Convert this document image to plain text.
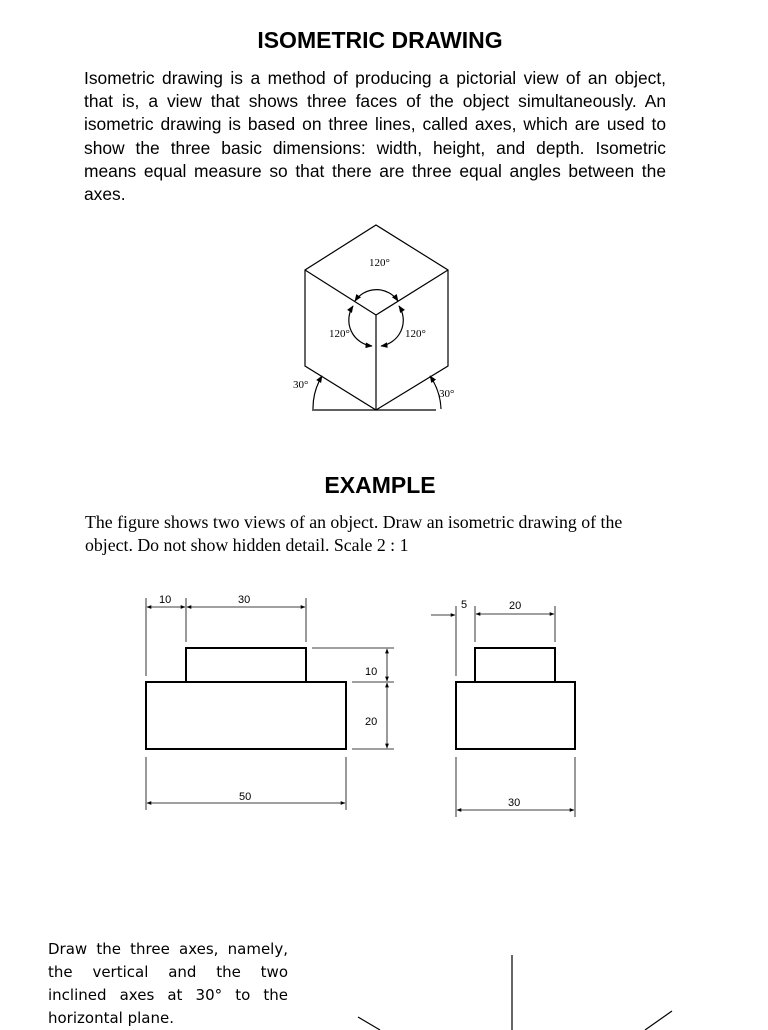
ISOMETRIC DRAWING

Isometric drawing is a method of producing a pictorial view of an object, that is, a view that shows three faces of the object simultaneously. An isometric drawing is based on three lines, called axes, which are used to show the three basic dimensions: width, height, and depth. Isometric means equal measure so that there are three equal angles between the axes.

120°
120°	120°
30°
30°
10	30
10
20
50
5	20
30
EXAMPLE

The figure shows two views of an object. Draw an isometric drawing of the object. Do not show hidden detail. Scale 2 : 1

Draw the three axes, namely, the vertical and the two inclined axes at 30° to the horizontal plane.
